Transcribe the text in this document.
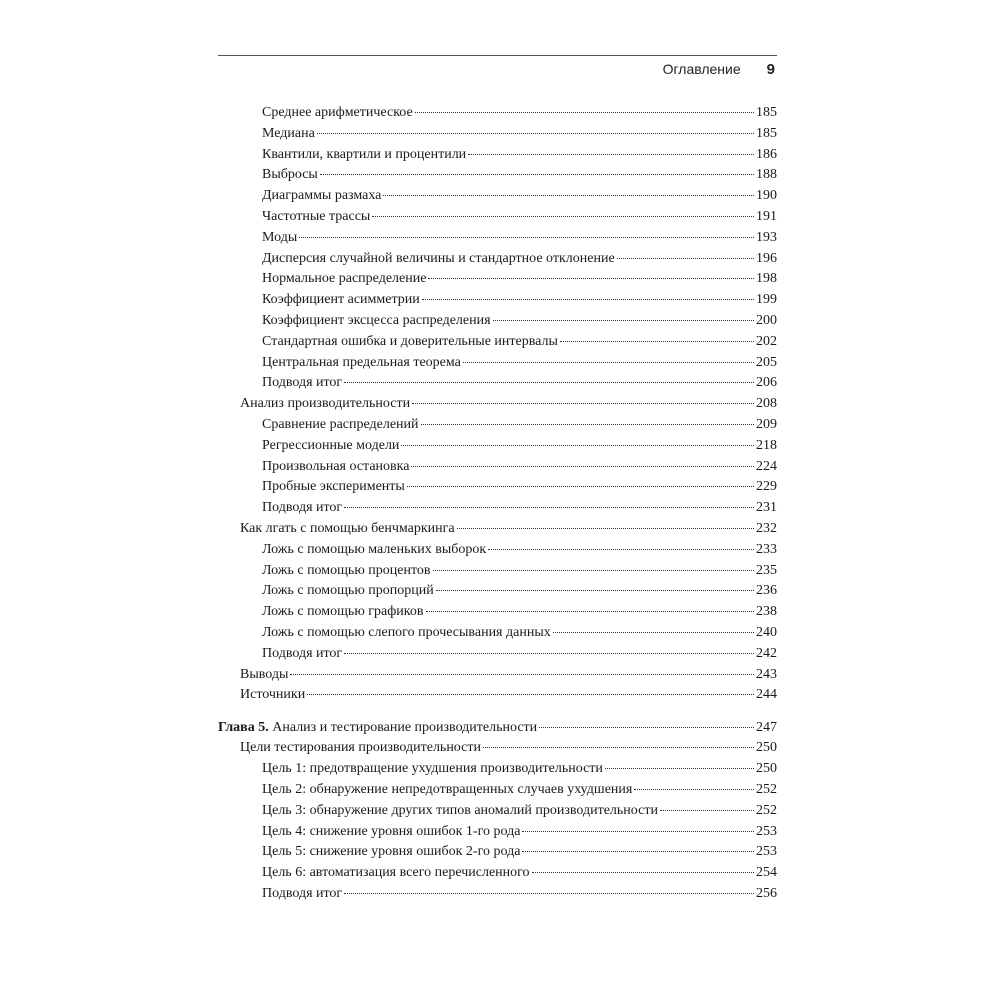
Оглавление 9
Среднее арифметическое	185
Медиана	185
Квантили, квартили и процентили	186
Выбросы	188
Диаграммы размаха	190
Частотные трассы	191
Моды	193
Дисперсия случайной величины и стандартное отклонение	196
Нормальное распределение	198
Коэффициент асимметрии	199
Коэффициент эксцесса распределения	200
Стандартная ошибка и доверительные интервалы	202
Центральная предельная теорема	205
Подводя итог	206
Анализ производительности	208
Сравнение распределений	209
Регрессионные модели	218
Произвольная остановка	224
Пробные эксперименты	229
Подводя итог	231
Как лгать с помощью бенчмаркинга	232
Ложь с помощью маленьких выборок	233
Ложь с помощью процентов	235
Ложь с помощью пропорций	236
Ложь с помощью графиков	238
Ложь с помощью слепого прочесывания данных	240
Подводя итог	242
Выводы	243
Источники	244
Глава 5. Анализ и тестирование производительности	247
Цели тестирования производительности	250
Цель 1: предотвращение ухудшения производительности	250
Цель 2: обнаружение непредотвращенных случаев ухудшения	252
Цель 3: обнаружение других типов аномалий производительности	252
Цель 4: снижение уровня ошибок 1-го рода	253
Цель 5: снижение уровня ошибок 2-го рода	253
Цель 6: автоматизация всего перечисленного	254
Подводя итог	256
